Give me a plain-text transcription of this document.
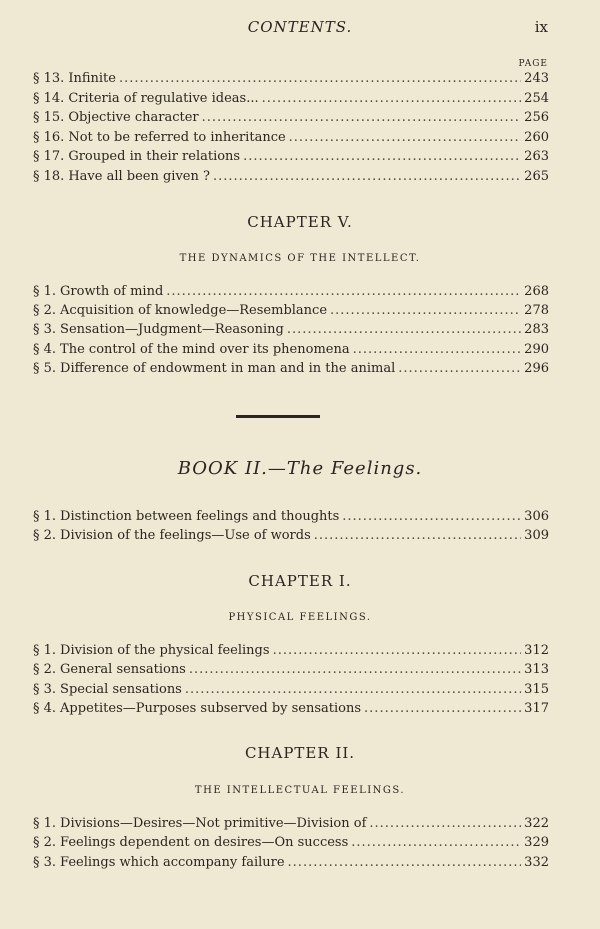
CONTENTS.	ix
PAGE
§ 13. Infinite .....	243
§ 14. Criteria of regulative ideas... .....	254
§ 15. Objective character .....	256
§ 16. Not to be referred to inheritance .....	260
§ 17. Grouped in their relations .....	263
§ 18. Have all been given ? .....	265
CHAPTER V.
THE DYNAMICS OF THE INTELLECT.
§ 1. Growth of mind .....	268
§ 2. Acquisition of knowledge—Resemblance .....	278
§ 3. Sensation—Judgment—Reasoning .....	283
§ 4. The control of the mind over its phenomena .....	290
§ 5. Difference of endowment in man and in the animal .....	296
BOOK II.—The Feelings.
§ 1. Distinction between feelings and thoughts .....	306
§ 2. Division of the feelings—Use of words .....	309
CHAPTER I.
PHYSICAL FEELINGS.
§ 1. Division of the physical feelings .....	312
§ 2. General sensations .....	313
§ 3. Special sensations .....	315
§ 4. Appetites—Purposes subserved by sensations .....	317
CHAPTER II.
THE INTELLECTUAL FEELINGS.
§ 1. Divisions—Desires—Not primitive—Division of .....	322
§ 2. Feelings dependent on desires—On success .....	329
§ 3. Feelings which accompany failure .....	332
